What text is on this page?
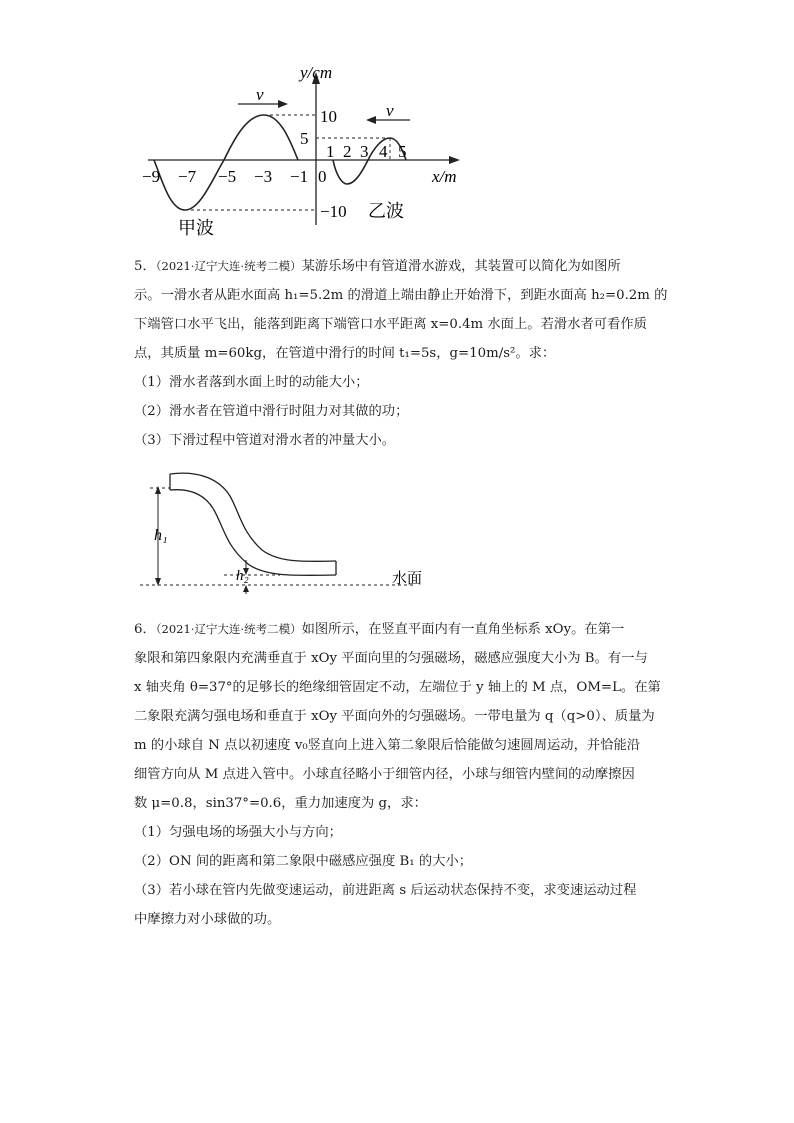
y/cm
x/m
v
v
10
5
−10
−9 −7 −5 −3 −1 0
1 2 3 4 5
甲波
乙波
5．（2021·辽宁大连·统考二模）某游乐场中有管道滑水游戏，其装置可以简化为如图所
示。一滑水者从距水面高 h₁=5.2m 的滑道上端由静止开始滑下，到距水面高 h₂=0.2m 的
下端管口水平飞出，能落到距离下端管口水平距离 x=0.4m 水面上。若滑水者可看作质
点，其质量 m=60kg，在管道中滑行的时间 t₁=5s，g=10m/s²。求：
（1）滑水者落到水面上时的动能大小；
（2）滑水者在管道中滑行时阻力对其做的功；
（3）下滑过程中管道对滑水者的冲量大小。
h₁
h₂	水面
6．（2021·辽宁大连·统考二模）如图所示，在竖直平面内有一直角坐标系 xOy。在第一
象限和第四象限内充满垂直于 xOy 平面向里的匀强磁场，磁感应强度大小为 B。有一与
x 轴夹角 θ=37°的足够长的绝缘细管固定不动，左端位于 y 轴上的 M 点，OM=L。在第
二象限充满匀强电场和垂直于 xOy 平面向外的匀强磁场。一带电量为 q（q>0）、质量为
m 的小球自 N 点以初速度 v₀竖直向上进入第二象限后恰能做匀速圆周运动，并恰能沿
细管方向从 M 点进入管中。小球直径略小于细管内径，小球与细管内壁间的动摩擦因
数 μ=0.8，sin37°=0.6，重力加速度为 g，求：
（1）匀强电场的场强大小与方向；
（2）ON 间的距离和第二象限中磁感应强度 B₁ 的大小；
（3）若小球在管内先做变速运动，前进距离 s 后运动状态保持不变，求变速运动过程
中摩擦力对小球做的功。
